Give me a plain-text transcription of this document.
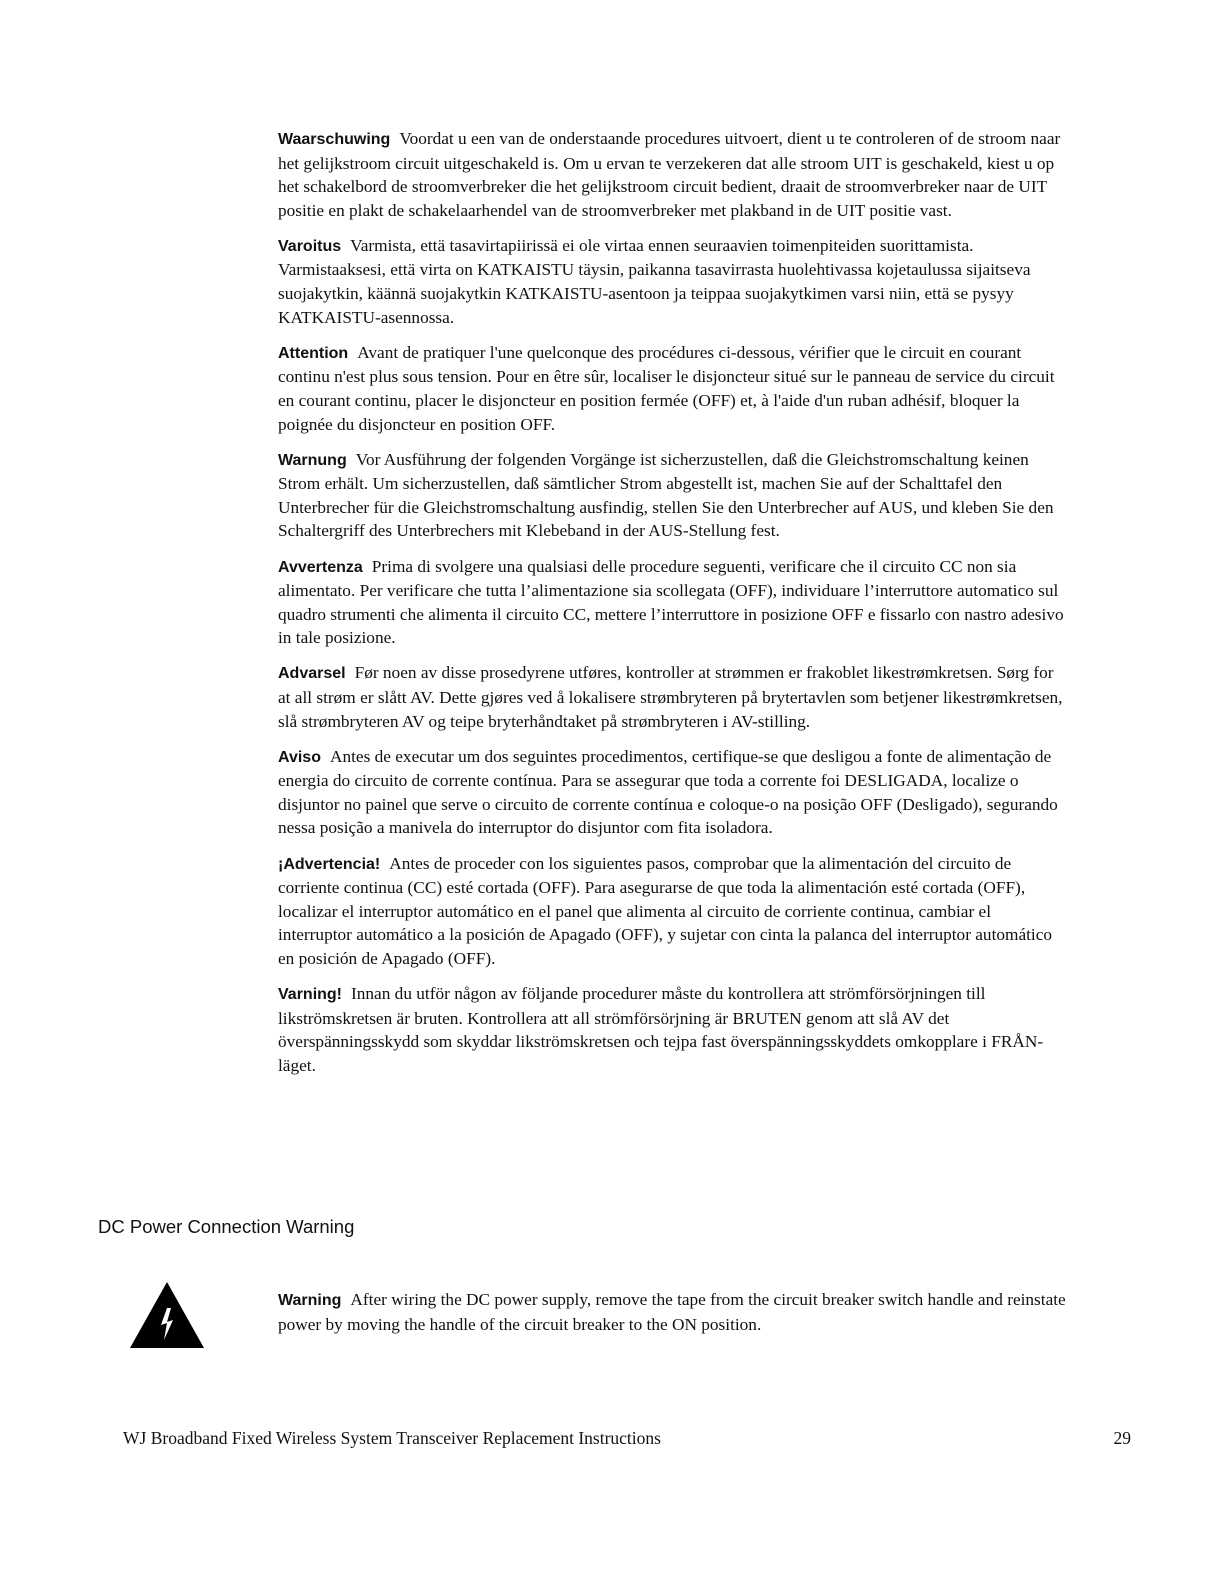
Waarschuwing Voordat u een van de onderstaande procedures uitvoert, dient u te controleren of de stroom naar het gelijkstroom circuit uitgeschakeld is. Om u ervan te verzekeren dat alle stroom UIT is geschakeld, kiest u op het schakelbord de stroomverbreker die het gelijkstroom circuit bedient, draait de stroomverbreker naar de UIT positie en plakt de schakelaarhendel van de stroomverbreker met plakband in de UIT positie vast.

Varoitus Varmista, että tasavirtapiirissä ei ole virtaa ennen seuraavien toimenpiteiden suorittamista. Varmistaaksesi, että virta on KATKAISTU täysin, paikanna tasavirrasta huolehtivassa kojetaulussa sijaitseva suojakytkin, käännä suojakytkin KATKAISTU-asentoon ja teippaa suojakytkimen varsi niin, että se pysyy KATKAISTU-asennossa.

Attention Avant de pratiquer l'une quelconque des procédures ci-dessous, vérifier que le circuit en courant continu n'est plus sous tension. Pour en être sûr, localiser le disjoncteur situé sur le panneau de service du circuit en courant continu, placer le disjoncteur en position fermée (OFF) et, à l'aide d'un ruban adhésif, bloquer la poignée du disjoncteur en position OFF.

Warnung Vor Ausführung der folgenden Vorgänge ist sicherzustellen, daß die Gleichstromschaltung keinen Strom erhält. Um sicherzustellen, daß sämtlicher Strom abgestellt ist, machen Sie auf der Schalttafel den Unterbrecher für die Gleichstromschaltung ausfindig, stellen Sie den Unterbrecher auf AUS, und kleben Sie den Schaltergriff des Unterbrechers mit Klebeband in der AUS-Stellung fest.

Avvertenza Prima di svolgere una qualsiasi delle procedure seguenti, verificare che il circuito CC non sia alimentato. Per verificare che tutta l’alimentazione sia scollegata (OFF), individuare l’interruttore automatico sul quadro strumenti che alimenta il circuito CC, mettere l’interruttore in posizione OFF e fissarlo con nastro adesivo in tale posizione.

Advarsel Før noen av disse prosedyrene utføres, kontroller at strømmen er frakoblet likestrømkretsen. Sørg for at all strøm er slått AV. Dette gjøres ved å lokalisere strømbryteren på brytertavlen som betjener likestrømkretsen, slå strømbryteren AV og teipe bryterhåndtaket på strømbryteren i AV-stilling.

Aviso Antes de executar um dos seguintes procedimentos, certifique-se que desligou a fonte de alimentação de energia do circuito de corrente contínua. Para se assegurar que toda a corrente foi DESLIGADA, localize o disjuntor no painel que serve o circuito de corrente contínua e coloque-o na posição OFF (Desligado), segurando nessa posição a manivela do interruptor do disjuntor com fita isoladora.

¡Advertencia! Antes de proceder con los siguientes pasos, comprobar que la alimentación del circuito de corriente continua (CC) esté cortada (OFF). Para asegurarse de que toda la alimentación esté cortada (OFF), localizar el interruptor automático en el panel que alimenta al circuito de corriente continua, cambiar el interruptor automático a la posición de Apagado (OFF), y sujetar con cinta la palanca del interruptor automático en posición de Apagado (OFF).

Varning! Innan du utför någon av följande procedurer måste du kontrollera att strömförsörjningen till likströmskretsen är bruten. Kontrollera att all strömförsörjning är BRUTEN genom att slå AV det överspänningsskydd som skyddar likströmskretsen och tejpa fast överspänningsskyddets omkopplare i FRÅN-läget.

DC Power Connection Warning

Warning After wiring the DC power supply, remove the tape from the circuit breaker switch handle and reinstate power by moving the handle of the circuit breaker to the ON position.

WJ Broadband Fixed Wireless System Transceiver Replacement Instructions	29
